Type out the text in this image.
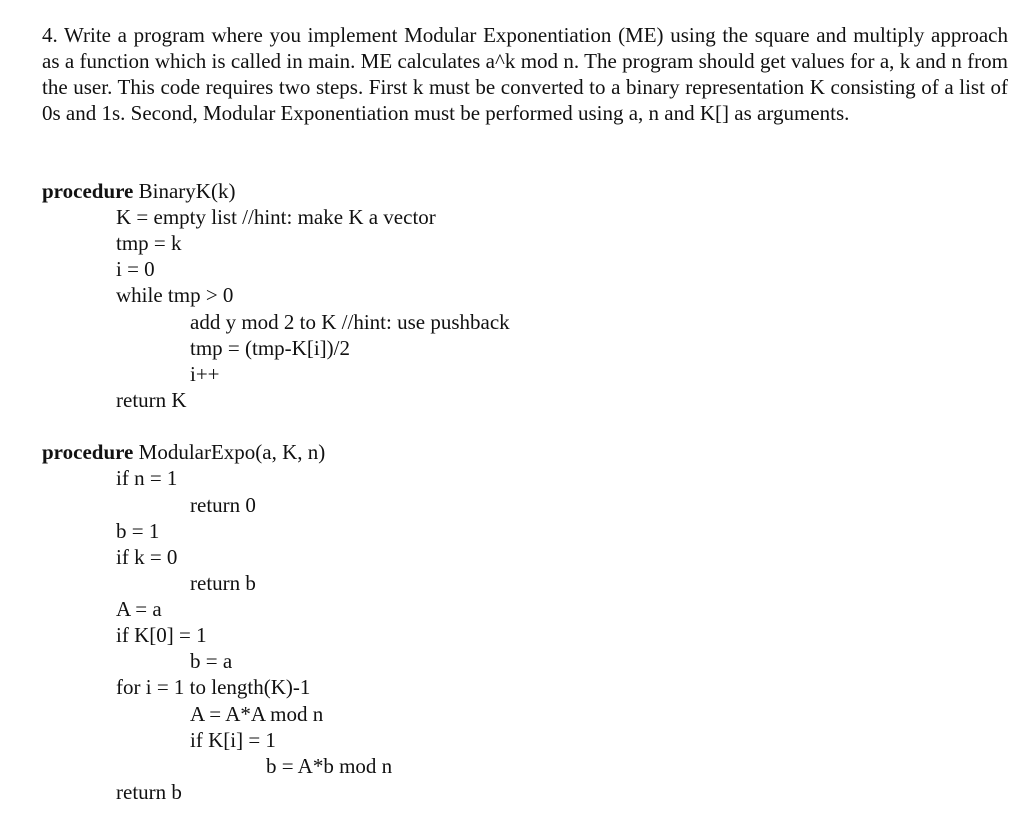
4. Write a program where you implement Modular Exponentiation (ME) using the square and multiply approach as a function which is called in main. ME calculates a^k mod n. The program should get values for a, k and n from the user. This code requires two steps. First k must be converted to a binary representation K consisting of a list of 0s and 1s. Second, Modular Exponentiation must be performed using a, n and K[] as arguments.

procedure BinaryK(k)
K = empty list //hint: make K a vector
tmp = k
i = 0
while tmp > 0
add y mod 2 to K //hint: use pushback
tmp = (tmp-K[i])/2
i++
return K
procedure ModularExpo(a, K, n)
if n = 1
return 0
b = 1
if k = 0
return b
A = a
if K[0] = 1
b = a
for i = 1 to length(K)-1
A = A*A mod n
if K[i] = 1
b = A*b mod n
return b
